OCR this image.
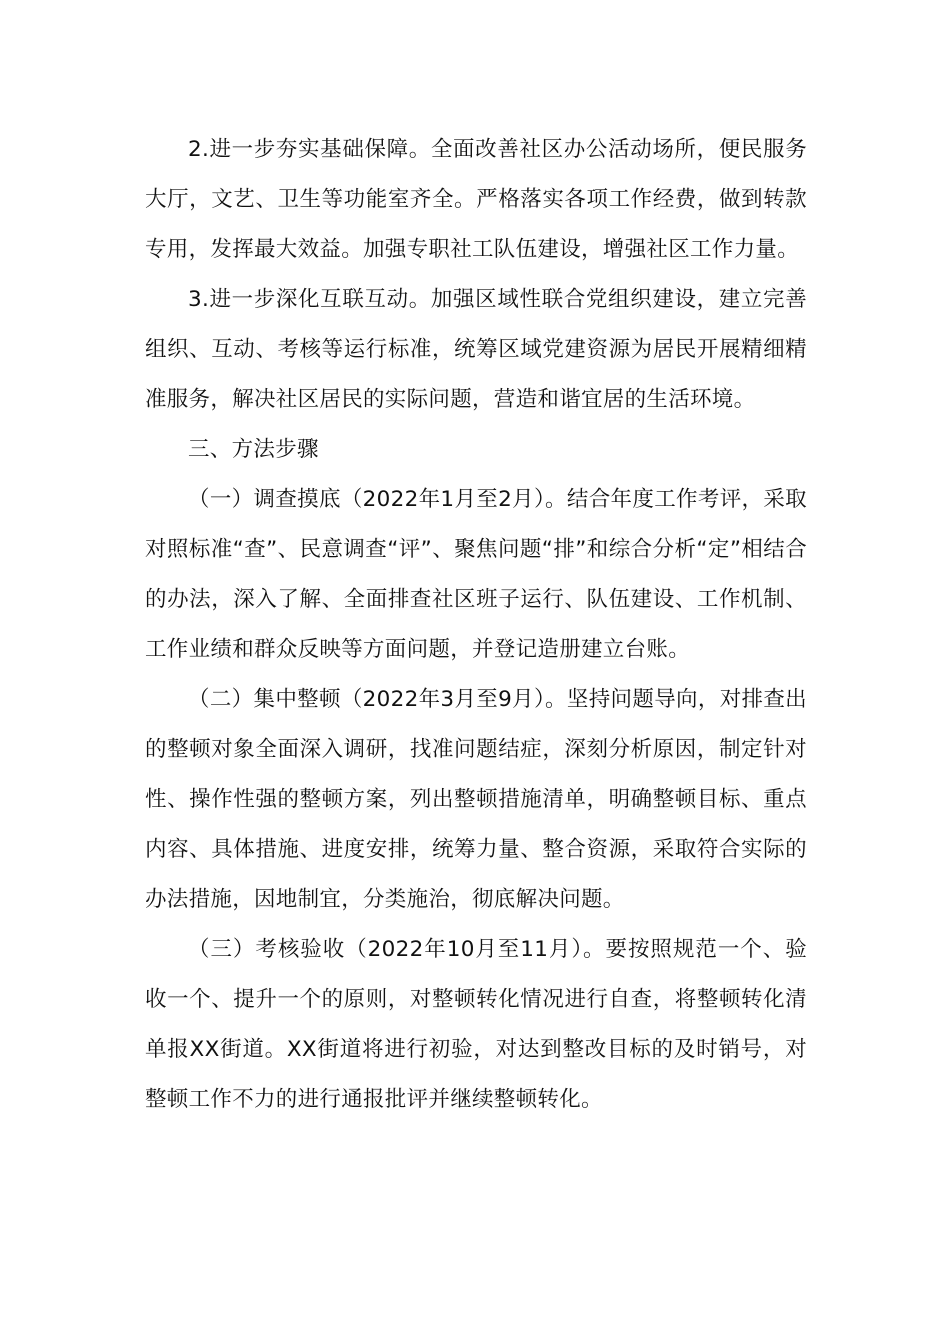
2.进一步夯实基础保障。全面改善社区办公活动场所，便民服务大厅，文艺、卫生等功能室齐全。严格落实各项工作经费，做到转款专用，发挥最大效益。加强专职社工队伍建设，增强社区工作力量。

3.进一步深化互联互动。加强区域性联合党组织建设，建立完善组织、互动、考核等运行标准，统筹区域党建资源为居民开展精细精准服务，解决社区居民的实际问题，营造和谐宜居的生活环境。

三、方法步骤

（一）调查摸底（2022年1月至2月）。结合年度工作考评，采取对照标准“查”、民意调查“评”、聚焦问题“排”和综合分析“定”相结合的办法，深入了解、全面排查社区班子运行、队伍建设、工作机制、工作业绩和群众反映等方面问题，并登记造册建立台账。

（二）集中整顿（2022年3月至9月）。坚持问题导向，对排查出的整顿对象全面深入调研，找准问题结症，深刻分析原因，制定针对性、操作性强的整顿方案，列出整顿措施清单，明确整顿目标、重点内容、具体措施、进度安排，统筹力量、整合资源，采取符合实际的办法措施，因地制宜，分类施治，彻底解决问题。

（三）考核验收（2022年10月至11月）。要按照规范一个、验收一个、提升一个的原则，对整顿转化情况进行自查，将整顿转化清单报XX街道。XX街道将进行初验，对达到整改目标的及时销号，对整顿工作不力的进行通报批评并继续整顿转化。
